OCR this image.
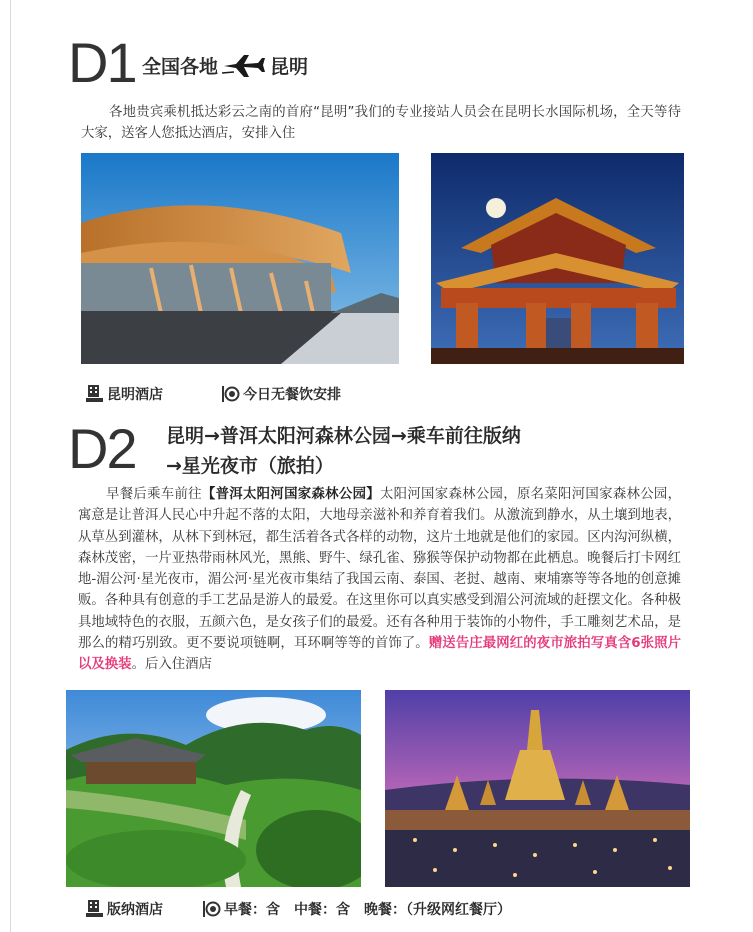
D1 全国各地	昆明
各地贵宾乘机抵达彩云之南的首府“昆明”我们的专业接站人员会在昆明长水国际机场，全天等待大家，送客人您抵达酒店，安排入住
昆明酒店	今日无餐饮安排
D2 昆明→普洱太阳河森林公园→乘车前往版纳
→星光夜市（旅拍）
早餐后乘车前往【普洱太阳河国家森林公园】太阳河国家森林公园，原名菜阳河国家森林公园，寓意是让普洱人民心中升起不落的太阳，大地母亲滋补和养育着我们。从激流到静水，从土壤到地表，从草丛到灌林，从林下到林冠，都生活着各式各样的动物，这片土地就是他们的家园。区内沟河纵横，森林茂密，一片亚热带雨林风光，黑熊、野牛、绿孔雀、猕猴等保护动物都在此栖息。晚餐后打卡网红地-湄公河·星光夜市，湄公河·星光夜市集结了我国云南、泰国、老挝、越南、柬埔寨等等各地的创意摊贩。各种具有创意的手工艺品是游人的最爱。在这里你可以真实感受到湄公河流域的赶摆文化。各种极具地域特色的衣服，五颜六色，是女孩子们的最爱。还有各种用于装饰的小物件，手工雕刻艺术品，是那么的精巧别致。更不要说项链啊，耳环啊等等的首饰了。赠送告庄最网红的夜市旅拍写真含6张照片以及换装。后入住酒店
版纳酒店	早餐：含　中餐：含　晚餐：（升级网红餐厅）
